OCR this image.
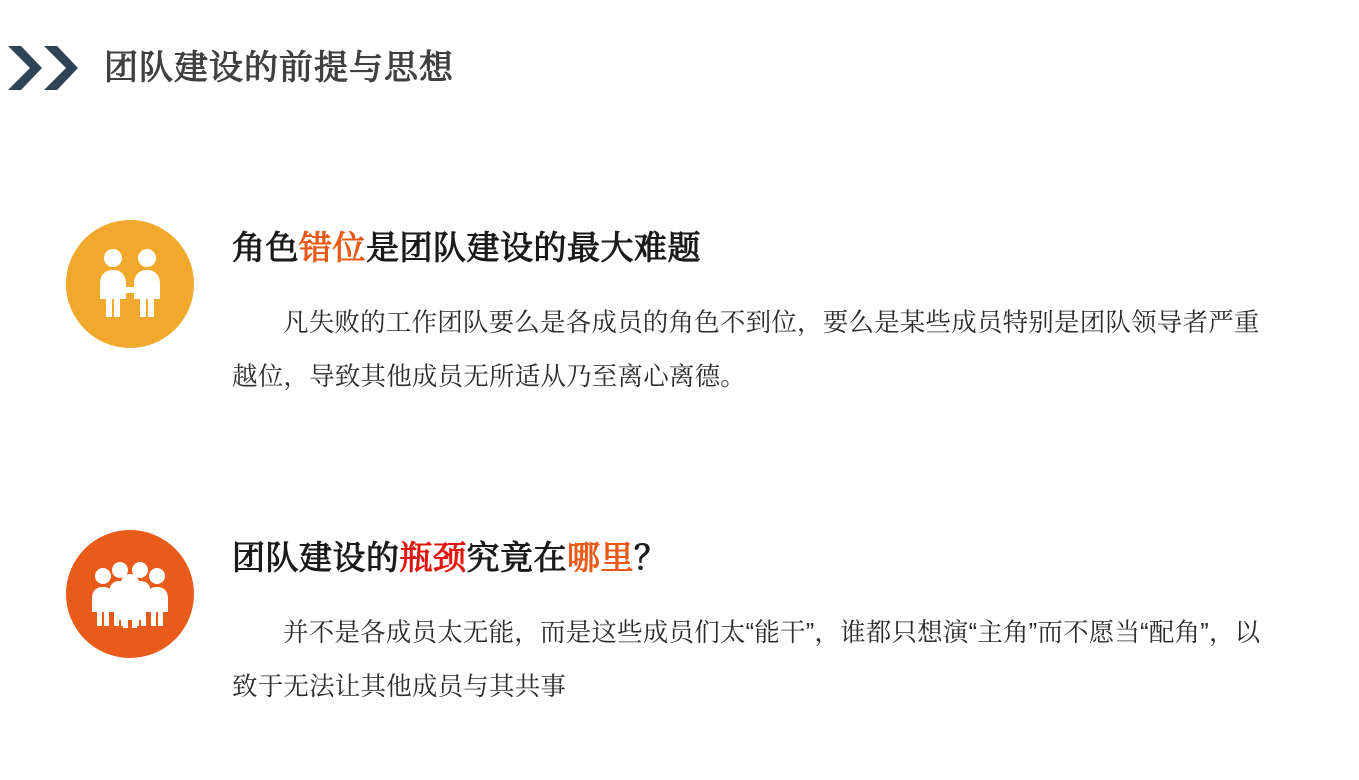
团队建设的前提与思想
角色错位是团队建设的最大难题
凡失败的工作团队要么是各成员的角色不到位，要么是某些成员特别是团队领导者严重越位，导致其他成员无所适从乃至离心离德。
团队建设的瓶颈究竟在哪里？
并不是各成员太无能，而是这些成员们太“能干”，谁都只想演“主角”而不愿当“配角”，以致于无法让其他成员与其共事
